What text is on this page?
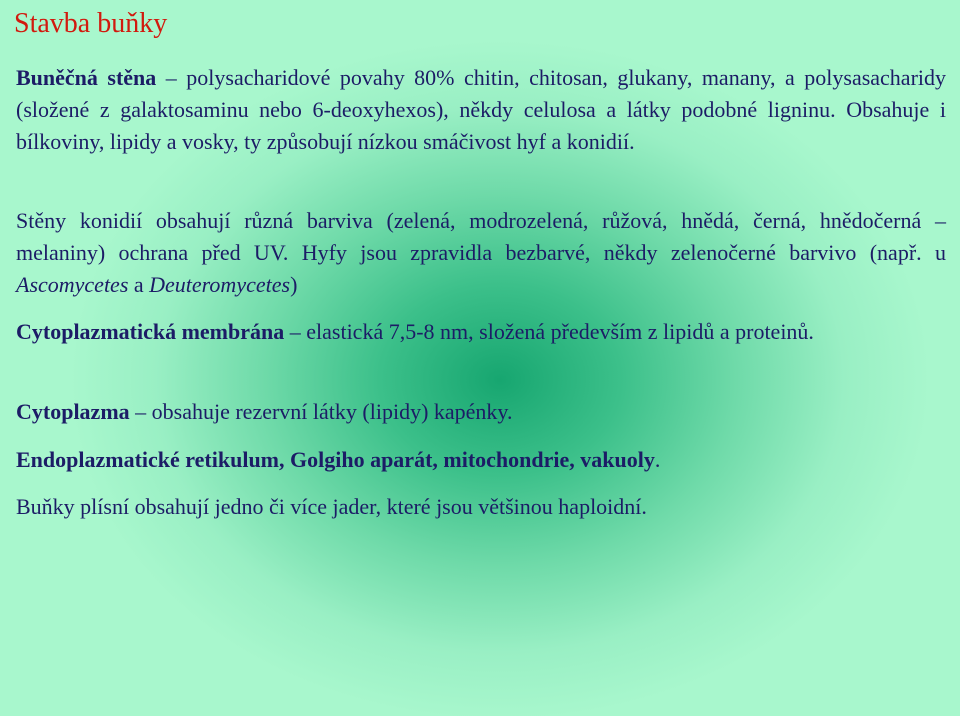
Stavba buňky

Buněčná stěna – polysacharidové povahy 80% chitin, chitosan, glukany, manany, a polysasacharidy (složené z galaktosaminu nebo 6-deoxyhexos), někdy celulosa a látky podobné ligninu. Obsahuje i bílkoviny, lipidy a vosky, ty způsobují nízkou smáčivost hyf a konidií.

Stěny konidií obsahují různá barviva (zelená, modrozelená, růžová, hnědá, černá, hnědočerná – melaniny) ochrana před UV. Hyfy jsou zpravidla bezbarvé, někdy zelenočerné barvivo (např. u Ascomycetes a Deuteromycetes)

Cytoplazmatická membrána – elastická 7,5-8 nm, složená především z lipidů a proteinů.

Cytoplazma – obsahuje rezervní látky (lipidy) kapénky.

Endoplazmatické retikulum, Golgiho aparát, mitochondrie, vakuoly.

Buňky plísní obsahují jedno či více jader, které jsou většinou haploidní.
